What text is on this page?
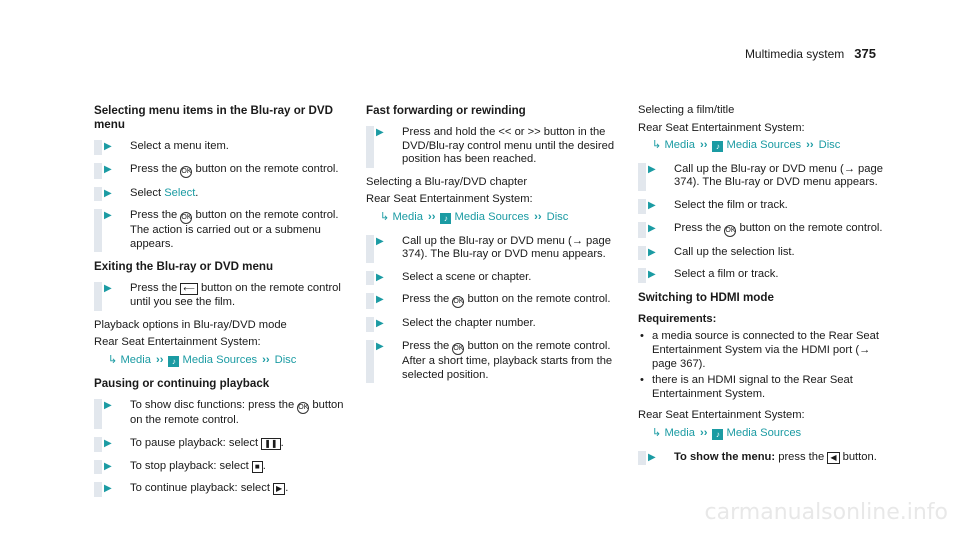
Multimedia system 375
Selecting menu items in the Blu-ray or DVD menu
▶ Select a menu item.
▶ Press the OK button on the remote control.
▶ Select Select.
▶ Press the OK button on the remote control. The action is carried out or a submenu appears.
Exiting the Blu-ray or DVD menu
▶ Press the ⟵ button on the remote control until you see the film.
Playback options in Blu-ray/DVD mode
Rear Seat Entertainment System:
↳ Media ›› ♪ Media Sources ›› Disc
Pausing or continuing playback
▶ To show disc functions: press the OK button on the remote control.
▶ To pause playback: select ❚❚ .
▶ To stop playback: select ■ .
▶ To continue playback: select ▶ .
Fast forwarding or rewinding
▶ Press and hold the << or >> button in the DVD/Blu-ray control menu until the desired position has been reached.
Selecting a Blu-ray/DVD chapter
Rear Seat Entertainment System:
↳ Media ›› ♪ Media Sources ›› Disc
▶ Call up the Blu-ray or DVD menu (→ page 374). The Blu-ray or DVD menu appears.
▶ Select a scene or chapter.
▶ Press the OK button on the remote control.
▶ Select the chapter number.
▶ Press the OK button on the remote control. After a short time, playback starts from the selected position.
Selecting a film/title
Rear Seat Entertainment System:
↳ Media ›› ♪ Media Sources ›› Disc
▶ Call up the Blu-ray or DVD menu (→ page 374). The Blu-ray or DVD menu appears.
▶ Select the film or track.
▶ Press the OK button on the remote control.
▶ Call up the selection list.
▶ Select a film or track.
Switching to HDMI mode
Requirements:
• a media source is connected to the Rear Seat Entertainment System via the HDMI port (→ page 367).
• there is an HDMI signal to the Rear Seat Entertainment System.
Rear Seat Entertainment System:
↳ Media ›› ♪ Media Sources
▶ To show the menu: press the ◀ button.
carmanualsonline.info
